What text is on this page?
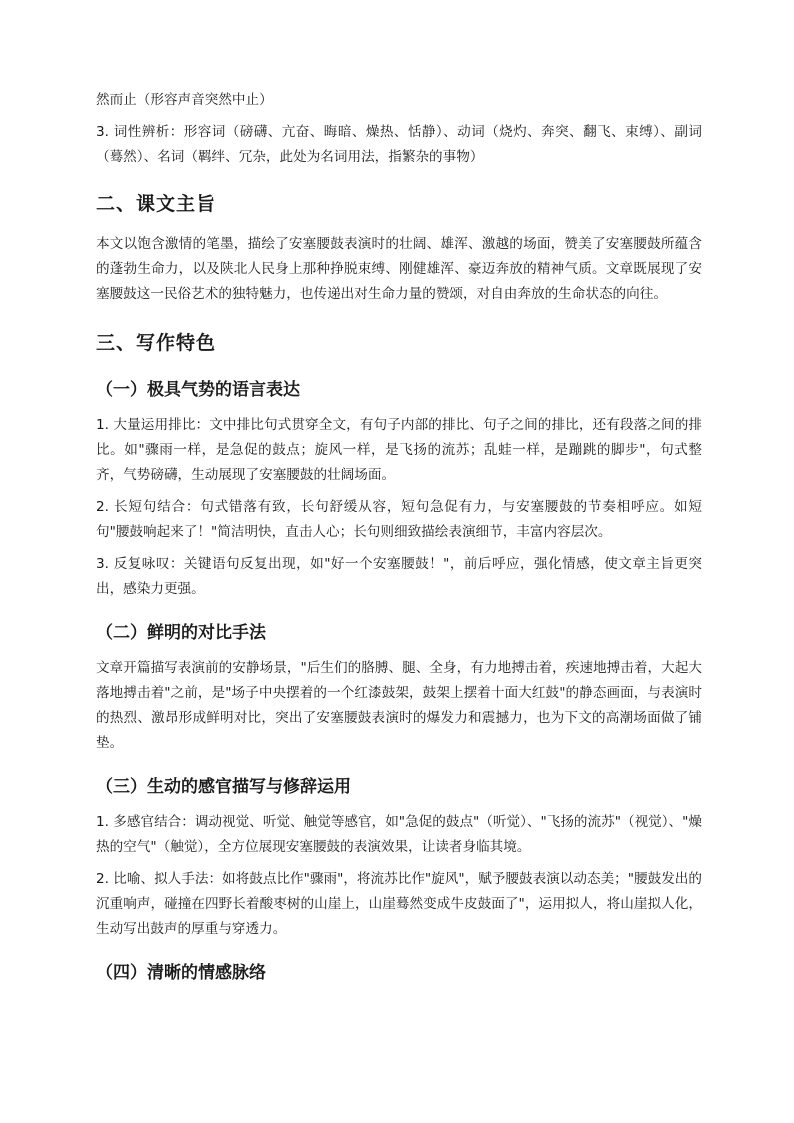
然而止（形容声音突然中止）

3. 词性辨析：形容词（磅礴、亢奋、晦暗、燥热、恬静）、动词（烧灼、奔突、翻飞、束缚）、副词（蓦然）、名词（羁绊、冗杂，此处为名词用法，指繁杂的事物）

二、课文主旨

本文以饱含激情的笔墨，描绘了安塞腰鼓表演时的壮阔、雄浑、激越的场面，赞美了安塞腰鼓所蕴含的蓬勃生命力，以及陕北人民身上那种挣脱束缚、刚健雄浑、豪迈奔放的精神气质。文章既展现了安塞腰鼓这一民俗艺术的独特魅力，也传递出对生命力量的赞颂，对自由奔放的生命状态的向往。

三、写作特色
（一）极具气势的语言表达

1. 大量运用排比：文中排比句式贯穿全文，有句子内部的排比、句子之间的排比，还有段落之间的排比。如"骤雨一样，是急促的鼓点；旋风一样，是飞扬的流苏；乱蛙一样，是蹦跳的脚步"，句式整齐，气势磅礴，生动展现了安塞腰鼓的壮阔场面。

2. 长短句结合：句式错落有致，长句舒缓从容，短句急促有力，与安塞腰鼓的节奏相呼应。如短句"腰鼓响起来了！"简洁明快，直击人心；长句则细致描绘表演细节，丰富内容层次。

3. 反复咏叹：关键语句反复出现，如"好一个安塞腰鼓！"，前后呼应，强化情感，使文章主旨更突出，感染力更强。

（二）鲜明的对比手法

文章开篇描写表演前的安静场景，"后生们的胳膊、腿、全身，有力地搏击着，疾速地搏击着，大起大落地搏击着"之前，是"场子中央摆着的一个红漆鼓架，鼓架上摆着十面大红鼓"的静态画面，与表演时的热烈、激昂形成鲜明对比，突出了安塞腰鼓表演时的爆发力和震撼力，也为下文的高潮场面做了铺垫。

（三）生动的感官描写与修辞运用

1. 多感官结合：调动视觉、听觉、触觉等感官，如"急促的鼓点"（听觉）、"飞扬的流苏"（视觉）、"燥热的空气"（触觉），全方位展现安塞腰鼓的表演效果，让读者身临其境。

2. 比喻、拟人手法：如将鼓点比作"骤雨"，将流苏比作"旋风"，赋予腰鼓表演以动态美；"腰鼓发出的沉重响声，碰撞在四野长着酸枣树的山崖上，山崖蓦然变成牛皮鼓面了"，运用拟人，将山崖拟人化，生动写出鼓声的厚重与穿透力。

（四）清晰的情感脉络
